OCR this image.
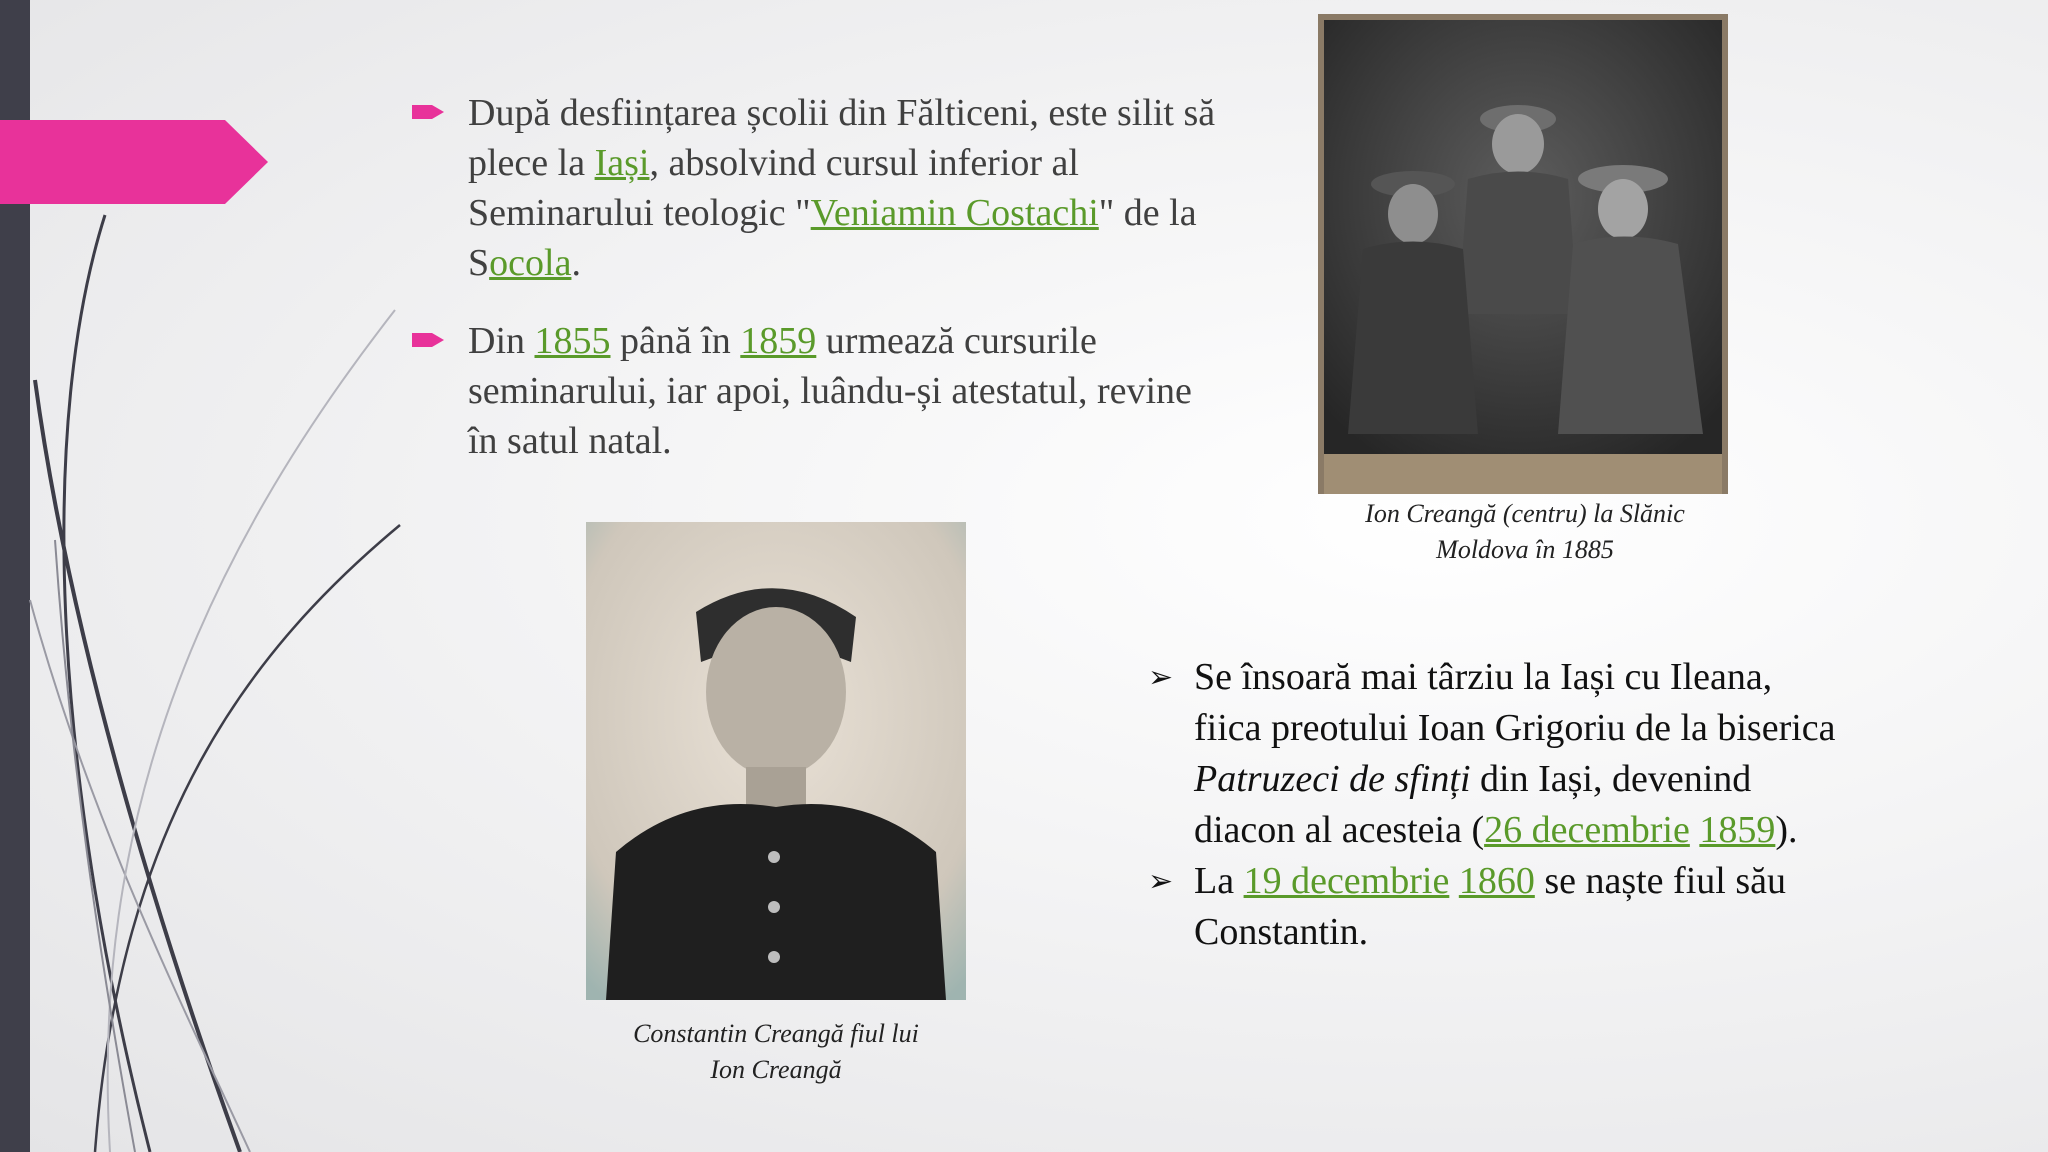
După desființarea școlii din Fălticeni, este silit să plece la Iași, absolvind cursul inferior al Seminarului teologic "Veniamin Costachi" de la Socola.
Din 1855 până în 1859 urmează cursurile seminarului, iar apoi, luându-și atestatul, revine în satul natal.
Ion Creangă (centru) la Slănic
Moldova în 1885
Constantin Creangă fiul lui
Ion Creangă
➢ Se însoară mai târziu la Iași cu Ileana, fiica preotului Ioan Grigoriu de la biserica Patruzeci de sfinți din Iași, devenind diacon al acesteia (26 decembrie 1859).
➢ La 19 decembrie 1860 se naște fiul său Constantin.
